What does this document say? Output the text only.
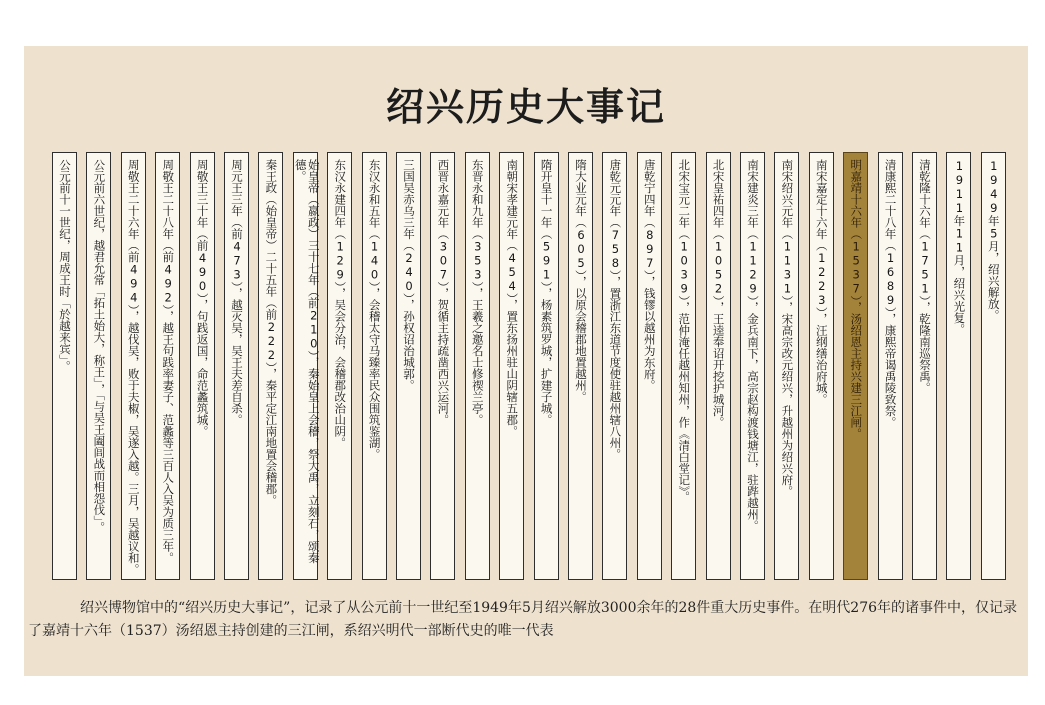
绍兴历史大事记
公元前十一世纪，周成王时「於越来宾」。 公元前六世纪，越君允常「拓土始大，称王」，「与吴王阖闾战而相怨伐」。 周敬王二十六年（前494），越伐吴，败于夫椒，吴遂入越。三月，吴越议和。 周敬王二十八年（前492），越王句践率妻子、范蠡等三百人入吴为质三年。 周敬王三十年（前490），句践返国，命范蠡筑城。 周元王三年（前473），越灭吴，吴王夫差自杀。 秦王政（始皇帝）二十五年（前222），秦平定江南地置会稽郡。	始皇帝（嬴政）三十七年（前210），秦始皇上会稽，祭大禹，立刻石，颂秦德。	东汉永建四年（129），吴会分治，会稽郡改治山阴。 东汉永和五年（140），会稽太守马臻率民众围筑鉴湖。 三国吴赤乌三年（240），孙权诏治城郭。 西晋永嘉元年（307），贺循主持疏凿西兴运河。 东晋永和九年（353），王羲之邀名士修禊兰亭。 南朝宋孝建元年（454），置东扬州驻山阴辖五郡。 隋开皇十一年（591），杨素筑罗城，扩建子城。 隋大业元年（605），以原会稽郡地置越州。 唐乾元元年（758），置浙江东道节度使驻越州辖八州。 唐乾宁四年（897），钱镠以越州为东府。 北宋宝元二年（1039），范仲淹任越州知州，作《清白堂记》。 北宋皇祐四年（1052），王逵奉诏开挖护城河。 南宋建炎三年（1129），金兵南下，高宗赵构渡钱塘江，驻跸越州。 南宋绍兴元年（1131），宋高宗改元绍兴，升越州为绍兴府。 南宋嘉定十六年（1223），汪纲缮治府城。 明嘉靖十六年（1537），汤绍恩主持兴建三江闸。 清康熙二十八年（1689），康熙帝谒禹陵致祭。 清乾隆十六年（1751），乾隆南巡祭禹。 1911年11月，绍兴光复。 1949年5月，绍兴解放。
绍兴博物馆中的“绍兴历史大事记”，记录了从公元前十一世纪至1949年5月绍兴解放3000余年的28件重大历史事件。在明代276年的诸事件中，仅记录了嘉靖十六年（1537）汤绍恩主持创建的三江闸，系绍兴明代一部断代史的唯一代表
